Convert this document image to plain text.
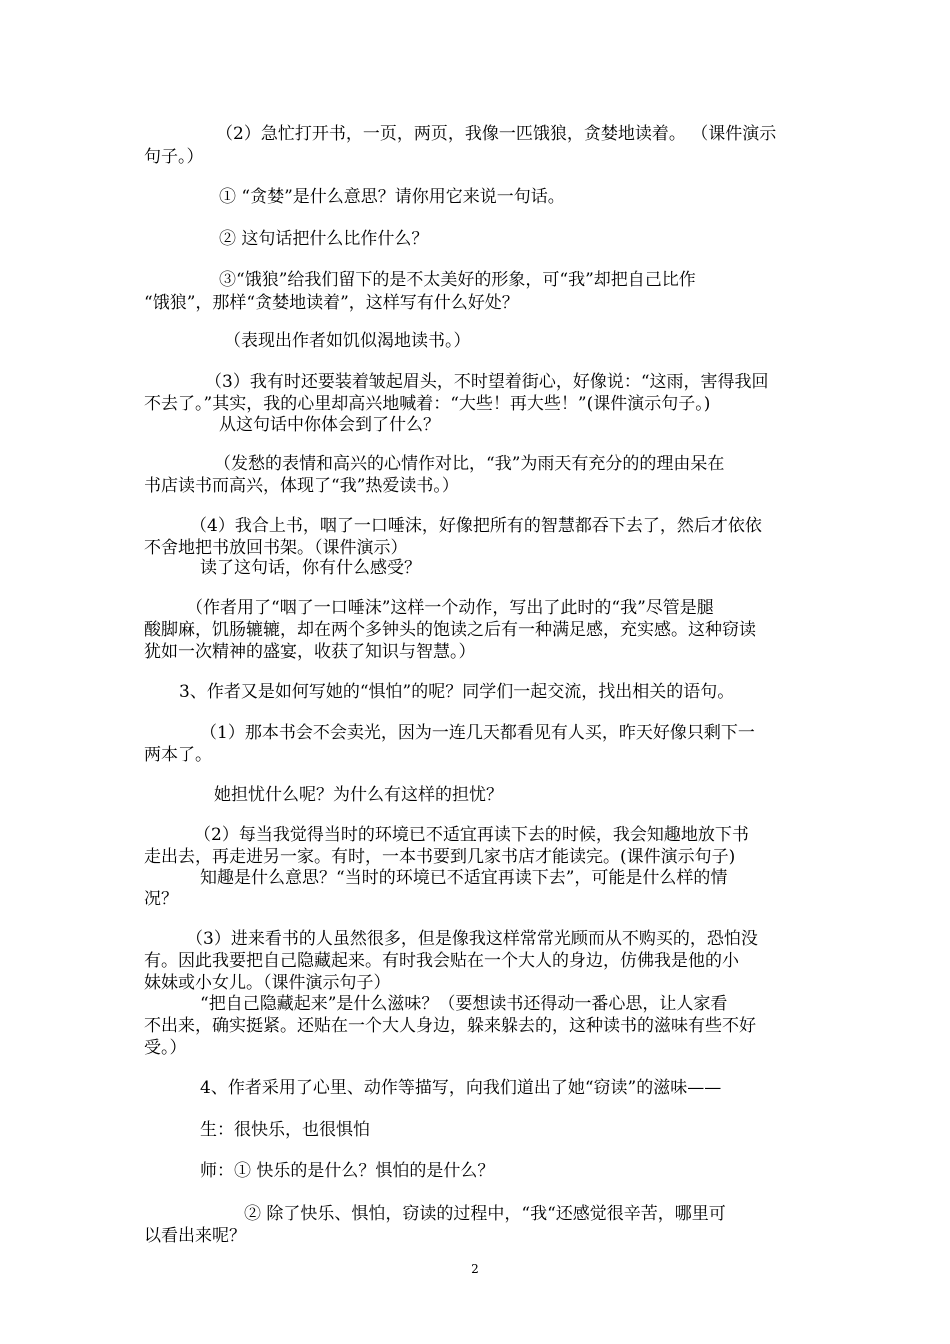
（2）急忙打开书，一页，两页，我像一匹饿狼，贪婪地读着。 （课件演示

句子。）

① “贪婪”是什么意思？请你用它来说一句话。

② 这句话把什么比作什么？

③“饿狼”给我们留下的是不太美好的形象，可“我”却把自己比作

“饿狼”，那样“贪婪地读着”，这样写有什么好处？

（表现出作者如饥似渴地读书。）

（3）我有时还要装着皱起眉头，不时望着街心，好像说：“这雨，害得我回

不去了。”其实，我的心里却高兴地喊着：“大些！再大些！”(课件演示句子。)

从这句话中你体会到了什么？

（发愁的表情和高兴的心情作对比，“我”为雨天有充分的的理由呆在

书店读书而高兴，体现了“我”热爱读书。）

（4）我合上书，咽了一口唾沫，好像把所有的智慧都吞下去了，然后才依依

不舍地把书放回书架。（课件演示）

读了这句话，你有什么感受？

（作者用了“咽了一口唾沫”这样一个动作，写出了此时的“我”尽管是腿

酸脚麻，饥肠辘辘，却在两个多钟头的饱读之后有一种满足感，充实感。这种窃读

犹如一次精神的盛宴，收获了知识与智慧。）

3、作者又是如何写她的“惧怕”的呢？同学们一起交流，找出相关的语句。

（1）那本书会不会卖光，因为一连几天都看见有人买，昨天好像只剩下一

两本了。

她担忧什么呢？为什么有这样的担忧？

（2）每当我觉得当时的环境已不适宜再读下去的时候，我会知趣地放下书

走出去，再走进另一家。有时，一本书要到几家书店才能读完。(课件演示句子)

知趣是什么意思？“当时的环境已不适宜再读下去”，可能是什么样的情

况？

（3）进来看书的人虽然很多，但是像我这样常常光顾而从不购买的，恐怕没

有。因此我要把自己隐藏起来。有时我会贴在一个大人的身边，仿佛我是他的小

妹妹或小女儿。（课件演示句子）

“把自己隐藏起来”是什么滋味？（要想读书还得动一番心思，让人家看

不出来，确实挺紧。还贴在一个大人身边，躲来躲去的，这种读书的滋味有些不好

受。）

4、作者采用了心里、动作等描写，向我们道出了她“窃读”的滋味——

生：很快乐，也很惧怕

师：① 快乐的是什么？惧怕的是什么？

② 除了快乐、惧怕，窃读的过程中，“我“还感觉很辛苦，哪里可

以看出来呢？

2
